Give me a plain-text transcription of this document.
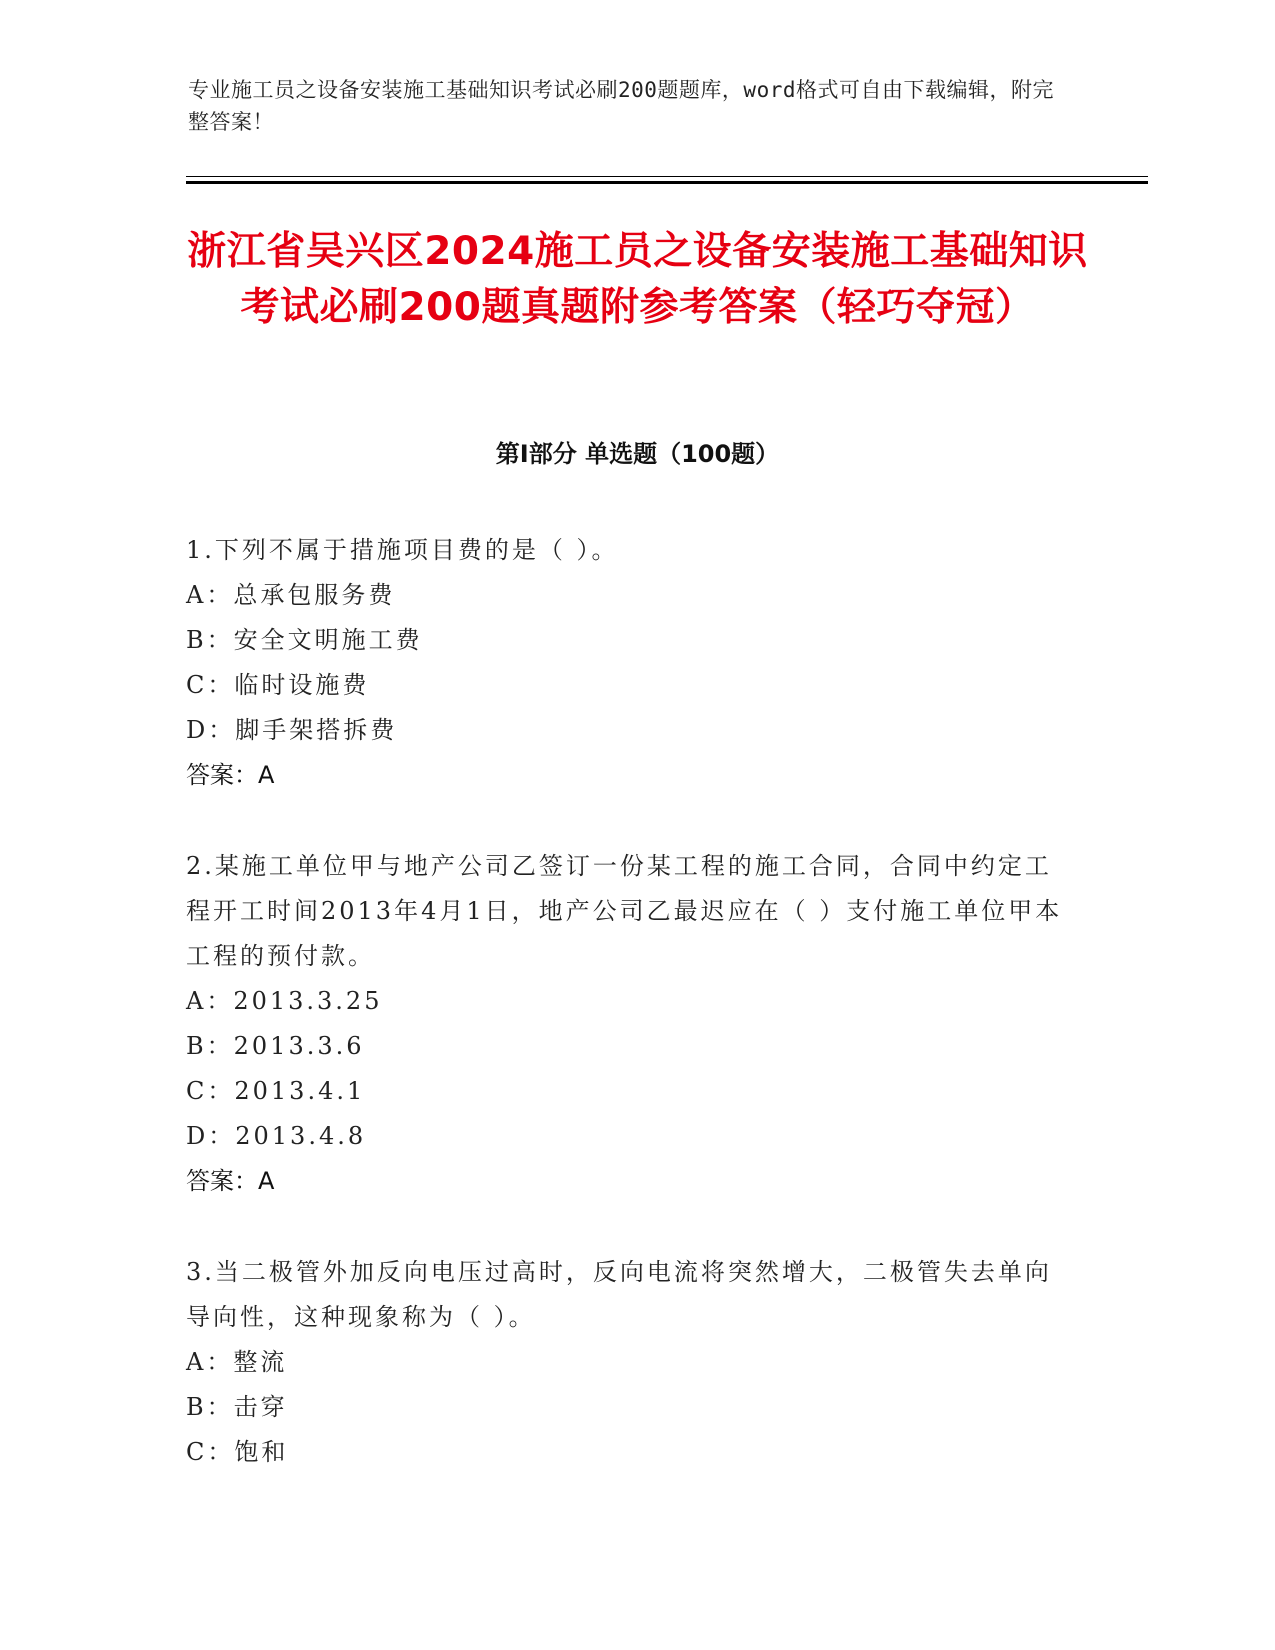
专业施工员之设备安装施工基础知识考试必刷200题题库，word格式可自由下载编辑，附完整答案！
浙江省吴兴区2024施工员之设备安装施工基础知识考试必刷200题真题附参考答案（轻巧夺冠）
第Ⅰ部分 单选题（100题）

1.下列不属于措施项目费的是（ ）。

A：总承包服务费

B：安全文明施工费

C：临时设施费

D：脚手架搭拆费

答案：A

2.某施工单位甲与地产公司乙签订一份某工程的施工合同，合同中约定工程开工时间2013年4月1日，地产公司乙最迟应在（ ）支付施工单位甲本工程的预付款。

A：2013.3.25

B：2013.3.6

C：2013.4.1

D：2013.4.8

答案：A

3.当二极管外加反向电压过高时，反向电流将突然增大，二极管失去单向导向性，这种现象称为（ ）。

A：整流

B：击穿

C：饱和
